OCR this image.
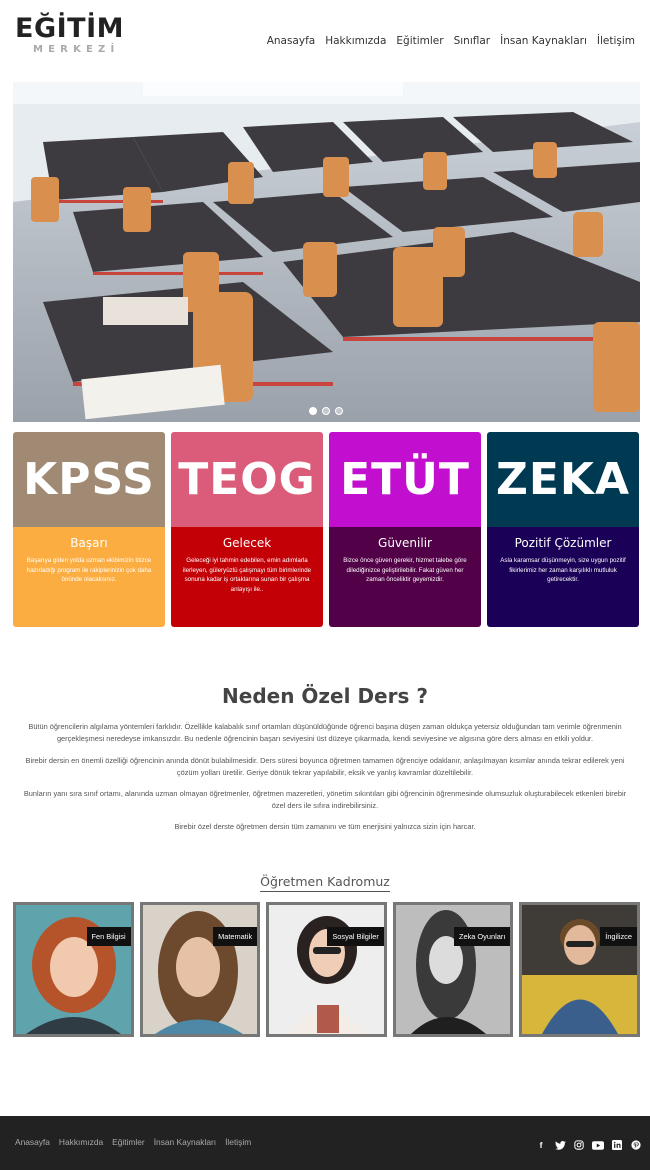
EĞİTİM
MERKEZİ
Anasayfa Hakkımızda Eğitimler Sınıflar İnsan Kaynakları İletişim
KPSS
Başarı
Başarıya giden yolda uzman ekibimizin titizce hazırladığı program ile rakiplerinizin çok daha önünde olacaksınız.
TEOG
Gelecek
Geleceği iyi tahmin edebilen, emin adımlarla ilerleyen, güleryüzlü çalışmayı tüm birimlerinde sonuna kadar iş ortaklarına sunan bir çalışma anlayışı ile..
ETÜT
Güvenilir
Bizce önce güven gerekir, hizmet talebe göre dilediğinizce geliştirilebilir. Fakat güven her zaman önceliktir geyemizdir.
ZEKA
Pozitif Çözümler
Asla karamsar düşünmeyin, size uygun pozitif fikirlerimiz her zaman karşılıklı mutluluk getirecektir.
Neden Özel Ders ?

Bütün öğrencilerin algılama yöntemleri farklıdır. Özellikle kalabalık sınıf ortamları düşünüldüğünde öğrenci başına düşen zaman oldukça yetersiz olduğundan tam verimle öğrenmenin gerçekleşmesi neredeyse imkansızdır. Bu nedenle öğrencinin başarı seviyesini üst düzeye çıkarmada, kendi seviyesine ve algısına göre ders alması en etkili yoldur.

Birebir dersin en önemli özelliği öğrencinin anında dönüt bulabilmesidir. Ders süresi boyunca öğretmen tamamen öğrenciye odaklanır, anlaşılmayan kısımlar anında tekrar edilerek yeni çözüm yolları üretilir. Geriye dönük tekrar yapılabilir, eksik ve yanlış kavramlar düzeltilebilir.

Bunların yanı sıra sınıf ortamı, alanında uzman olmayan öğretmenler, öğretmen mazeretleri, yönetim sıkıntıları gibi öğrencinin öğrenmesinde olumsuzluk oluşturabilecek etkenleri birebir özel ders ile sıfıra indirebilirsiniz.

Birebir özel derste öğretmen dersin tüm zamanını ve tüm enerjisini yalnızca sizin için harcar.

Öğretmen Kadromuz
Fen Bilgisi	Matematik	Sosyal Bilgiler	Zeka Oyunları	İngilizce
Anasayfa Hakkımızda Eğitimler İnsan Kaynakları İletişim	f
